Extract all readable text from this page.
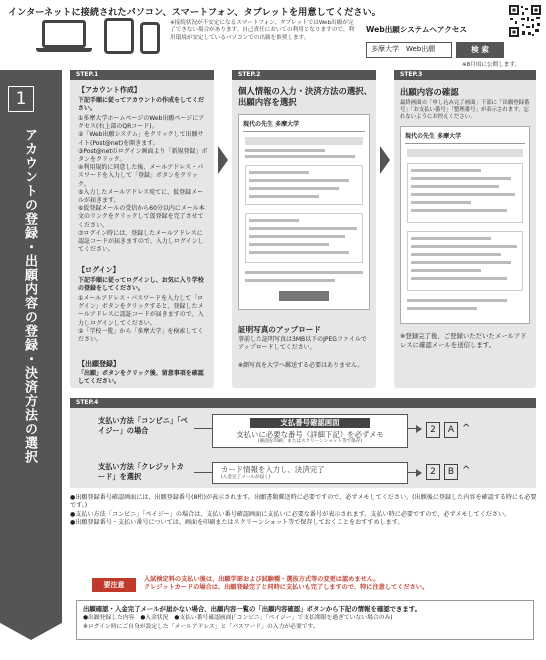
インターネットに接続されたパソコン、スマートフォン、タブレットを用意してください。
※接続状況が不安定になるスマートフォン、タブレットではWeb出願が完了できない場合があります。自己責任においての利用となりますので、利用環境が安定しているパソコンでの出願を推奨します。
Web出願システムへアクセス
多摩大学　Web出願	検 索
※8月頃に公開します。
1
アカウントの登録・出願内容の登録・決済方法の選択
STEP.1
【アカウント作成】
下記手順に従ってアカウントの作成をしてください。
①多摩大学ホームページのWeb出願ページにアクセス(右上部のQRコード)。
②「Web出願システム」をクリックして出願サイト(Post@net)を開きます。
③Post@netのログイン画面より「新規登録」ボタンをクリック。
④利用規約に同意した後、メールアドレス・パスワードを入力して「登録」ボタンをクリック。
⑤入力したメールアドレス宛てに、仮登録メールが届きます。
⑥仮登録メールの受信から60分以内にメール本文のリンクをクリックして仮登録を完了させてください。
⑦ログイン時には、登録したメールアドレスに認証コードが届きますので、入力しログインしてください。
【ログイン】
下記手順に従ってログインし、お気に入り学校の登録をしてください。
①メールアドレス・パスワードを入力して「ログイン」ボタンをクリックすると、登録したメールアドレスに認証コードが届きますので、入力しログインしてください。
②「学校一覧」から「多摩大学」を検索してください。
【出願登録】
「出願」ボタンをクリック後、留意事項を確認してください。
STEP.2
個人情報の入力・決済方法の選択、出願内容を選択
現代の先生 多摩大学
証明写真のアップロード
事前した証明写真は3MB以下のJPEGファイルでアップロードしてください。
※顔写真を大学へ郵送する必要はありません。
STEP.3
出願内容の確認
最終画面の「申し込み完了画面」下部に「出願登録番号」「お支払い番号」「整理番号」が表示されます。忘れないようにお控えください。
現代の先生 多摩大学
※登録完了後、ご登録いただいたメールアドレスに確認メールを送信します。
STEP.4
支払い方法「コンビニ」「ペイジー」の場合
支払番号確認画面
支払いに必要な番号（詳細下記）を必ずメモ
(画面を印刷、またはスクリーンショット等で保存)
2	A ^
支払い方法「クレジットカード」を選択
カード情報を入力し、決済完了
(入金完了メールが届く)
2	B ^
●出願登録番号確認画面には、出願登録番号(8桁)が表示されます。出願書類郵送時に必要ですので、必ずメモしてください。(出願後に登録した内容を確認する時にも必要です。)
●支払い方法「コンビニ」「ペイジー」の場合は、支払い番号確認画面に支払いに必要な番号が表示されます。支払い時に必要ですので、必ずメモしてください。
●出願登録番号・支払い番号については、画面を印刷またはスクリーンショット等で保存しておくことをおすすめします。
要注意
入試検定料の支払い後は、出願学部および試験種・選抜方式等の変更は認めません。
クレジットカードの場合は、出願登録完了と同時に支払いも完了しますので、特に注意してください。
出願確認・入金完了メールが届かない場合、出願内容一覧の「出願内容確認」ボタンから下記の情報を確認できます。
●出願登録した内容　●入金状況　●支払い番号確認画面(「コンビニ」「ペイジー」で支払期限を過ぎていない場合のみ)
※ログイン時にご自身が設定した「メールアドレス」と「パスワード」の入力が必要です。
